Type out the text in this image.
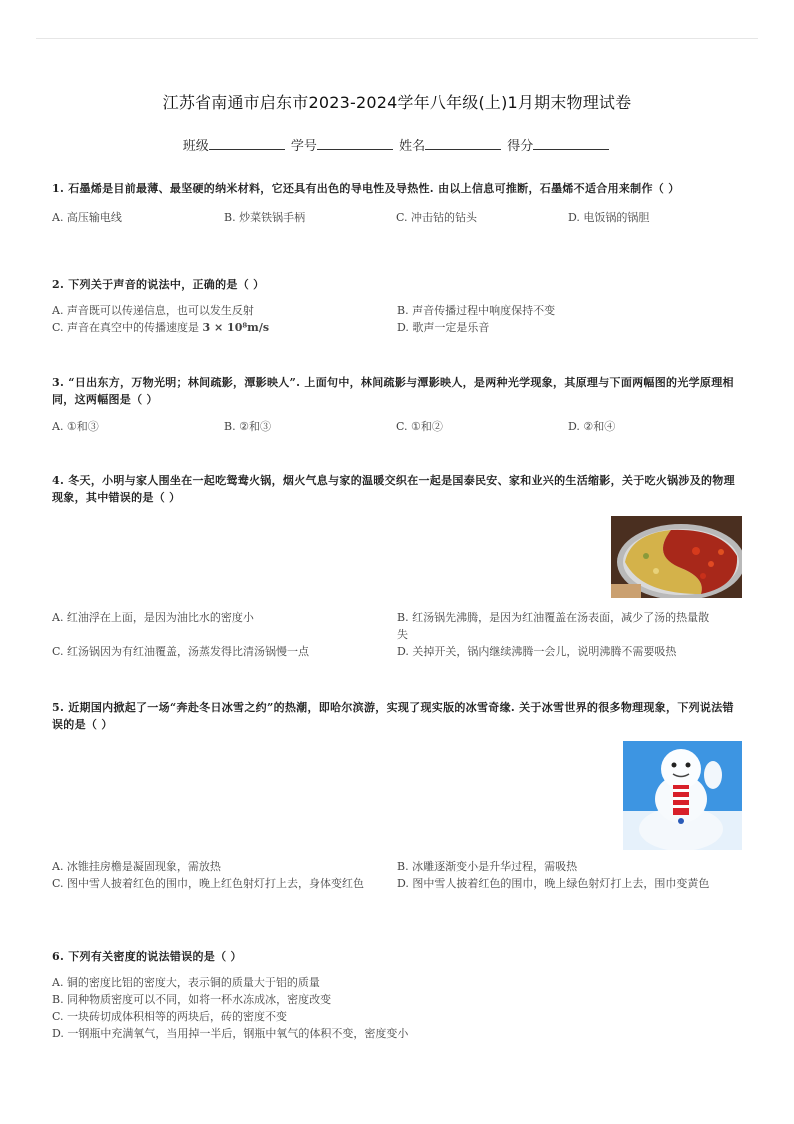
江苏省南通市启东市2023-2024学年八年级(上)1月期末物理试卷
班级	学号	姓名	得分
1. 石墨烯是目前最薄、最坚硬的纳米材料，它还具有出色的导电性及导热性. 由以上信息可推断，石墨烯不适合用来制作（ ）
A. 高压输电线	B. 炒菜铁锅手柄	C. 冲击钻的钻头	D. 电饭锅的锅胆
2. 下列关于声音的说法中，正确的是（ ）
A. 声音既可以传递信息，也可以发生反射	B. 声音传播过程中响度保持不变
C. 声音在真空中的传播速度是 3 × 10⁸m/s	D. 歌声一定是乐音
3. “日出东方，万物光明；林间疏影，潭影映人”. 上面句中，林间疏影与潭影映人，是两种光学现象，其原理与下面两幅图的光学原理相同，这两幅图是（ ）
A. ①和③	B. ②和③	C. ①和②	D. ②和④
4. 冬天，小明与家人围坐在一起吃鸳鸯火锅，烟火气息与家的温暖交织在一起是国泰民安、家和业兴的生活缩影，关于吃火锅涉及的物理现象，其中错误的是（ ）
A. 红油浮在上面，是因为油比水的密度小	B. 红汤锅先沸腾，是因为红油覆盖在汤表面，减少了汤的热量散失
C. 红汤锅因为有红油覆盖，汤蒸发得比清汤锅慢一点	D. 关掉开关，锅内继续沸腾一会儿，说明沸腾不需要吸热
5. 近期国内掀起了一场“奔赴冬日冰雪之约”的热潮，即哈尔滨游，实现了现实版的冰雪奇缘. 关于冰雪世界的很多物理现象，下列说法错误的是（ ）
A. 冰锥挂房檐是凝固现象，需放热	B. 冰雕逐渐变小是升华过程，需吸热
C. 图中雪人披着红色的围巾，晚上红色射灯打上去，身体变红色	D. 图中雪人披着红色的围巾，晚上绿色射灯打上去，围巾变黄色
6. 下列有关密度的说法错误的是（ ）
A. 铜的密度比铝的密度大，表示铜的质量大于铝的质量
B. 同种物质密度可以不同，如将一杯水冻成冰，密度改变
C. 一块砖切成体积相等的两块后，砖的密度不变
D. 一钢瓶中充满氧气，当用掉一半后，钢瓶中氧气的体积不变，密度变小
